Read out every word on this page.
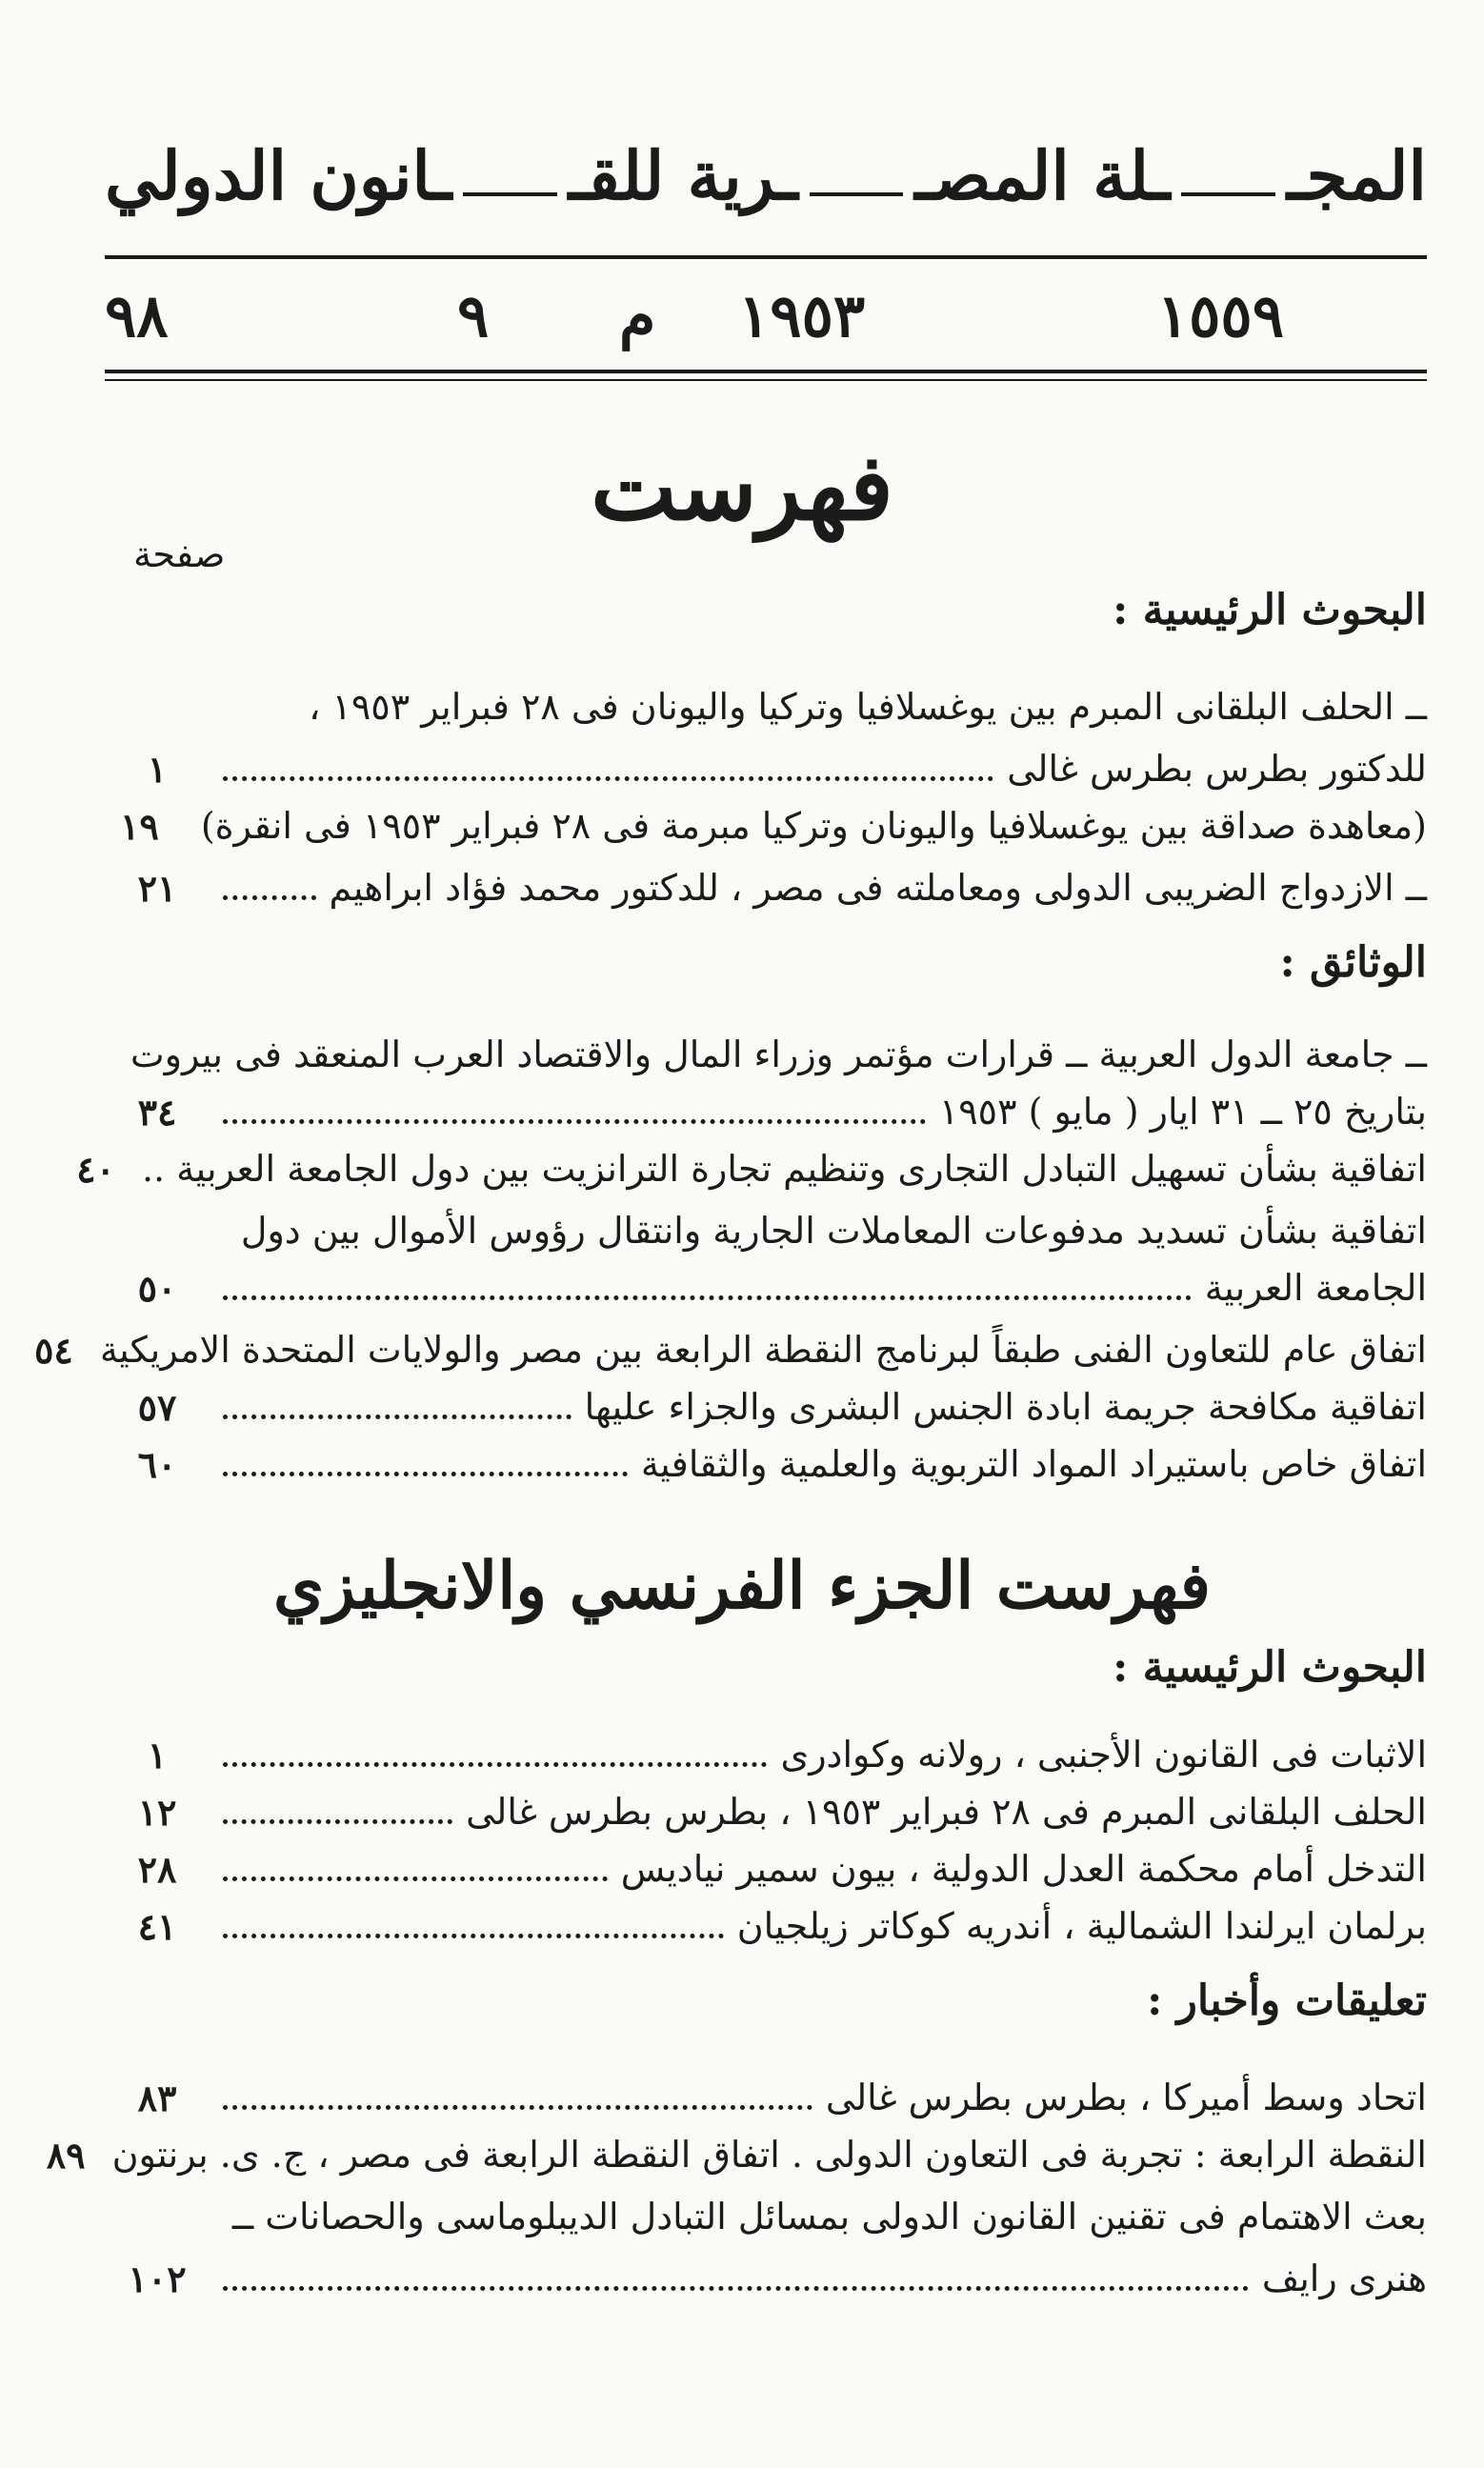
المجـ
ـلة المصـ
ـرية للقـ
ـانون الدولي
١٥٥٩
١٩٥٣
م
٩
٩٨
فهرست
صفحة
البحوث الرئيسية :
ــ الحلف البلقانى المبرم بين يوغسلافيا وتركيا واليونان فى ٢٨ فبراير ١٩٥٣ ،
للدكتور بطرس بطرس غالى
١
(معاهدة صداقة بين يوغسلافيا واليونان وتركيا مبرمة فى ٢٨ فبراير ١٩٥٣ فى انقرة)
١٩
ــ الازدواج الضريبى الدولى ومعاملته فى مصر ، للدكتور محمد فؤاد ابراهيم
٢١
الوثائق :
ــ جامعة الدول العربية ــ قرارات مؤتمر وزراء المال والاقتصاد العرب المنعقد فى بيروت
بتاريخ ٢٥ ــ ٣١ ايار ( مايو ) ١٩٥٣
٣٤
اتفاقية بشأن تسهيل التبادل التجارى وتنظيم تجارة الترانزيت بين دول الجامعة العربية ..
٤٠
اتفاقية بشأن تسديد مدفوعات المعاملات الجارية وانتقال رؤوس الأموال بين دول
الجامعة العربية
٥٠
اتفاق عام للتعاون الفنى طبقاً لبرنامج النقطة الرابعة بين مصر والولايات المتحدة الامريكية
٥٤
اتفاقية مكافحة جريمة ابادة الجنس البشرى والجزاء عليها
٥٧
اتفاق خاص باستيراد المواد التربوية والعلمية والثقافية
٦٠
فهرست الجزء الفرنسي والانجليزي
البحوث الرئيسية :
الاثبات فى القانون الأجنبى ، رولانه وكوادرى
١
الحلف البلقانى المبرم فى ٢٨ فبراير ١٩٥٣ ، بطرس بطرس غالى
١٢
التدخل أمام محكمة العدل الدولية ، بيون سمير نياديس
٢٨
برلمان ايرلندا الشمالية ، أندريه كوكاتر زيلجيان
٤١
تعليقات وأخبار :
اتحاد وسط أميركا ، بطرس بطرس غالى
٨٣
النقطة الرابعة : تجربة فى التعاون الدولى . اتفاق النقطة الرابعة فى مصر ، ج. ى. برنتون
٨٩
بعث الاهتمام فى تقنين القانون الدولى بمسائل التبادل الديبلوماسى والحصانات ــ
هنرى رايف
١٠٢
